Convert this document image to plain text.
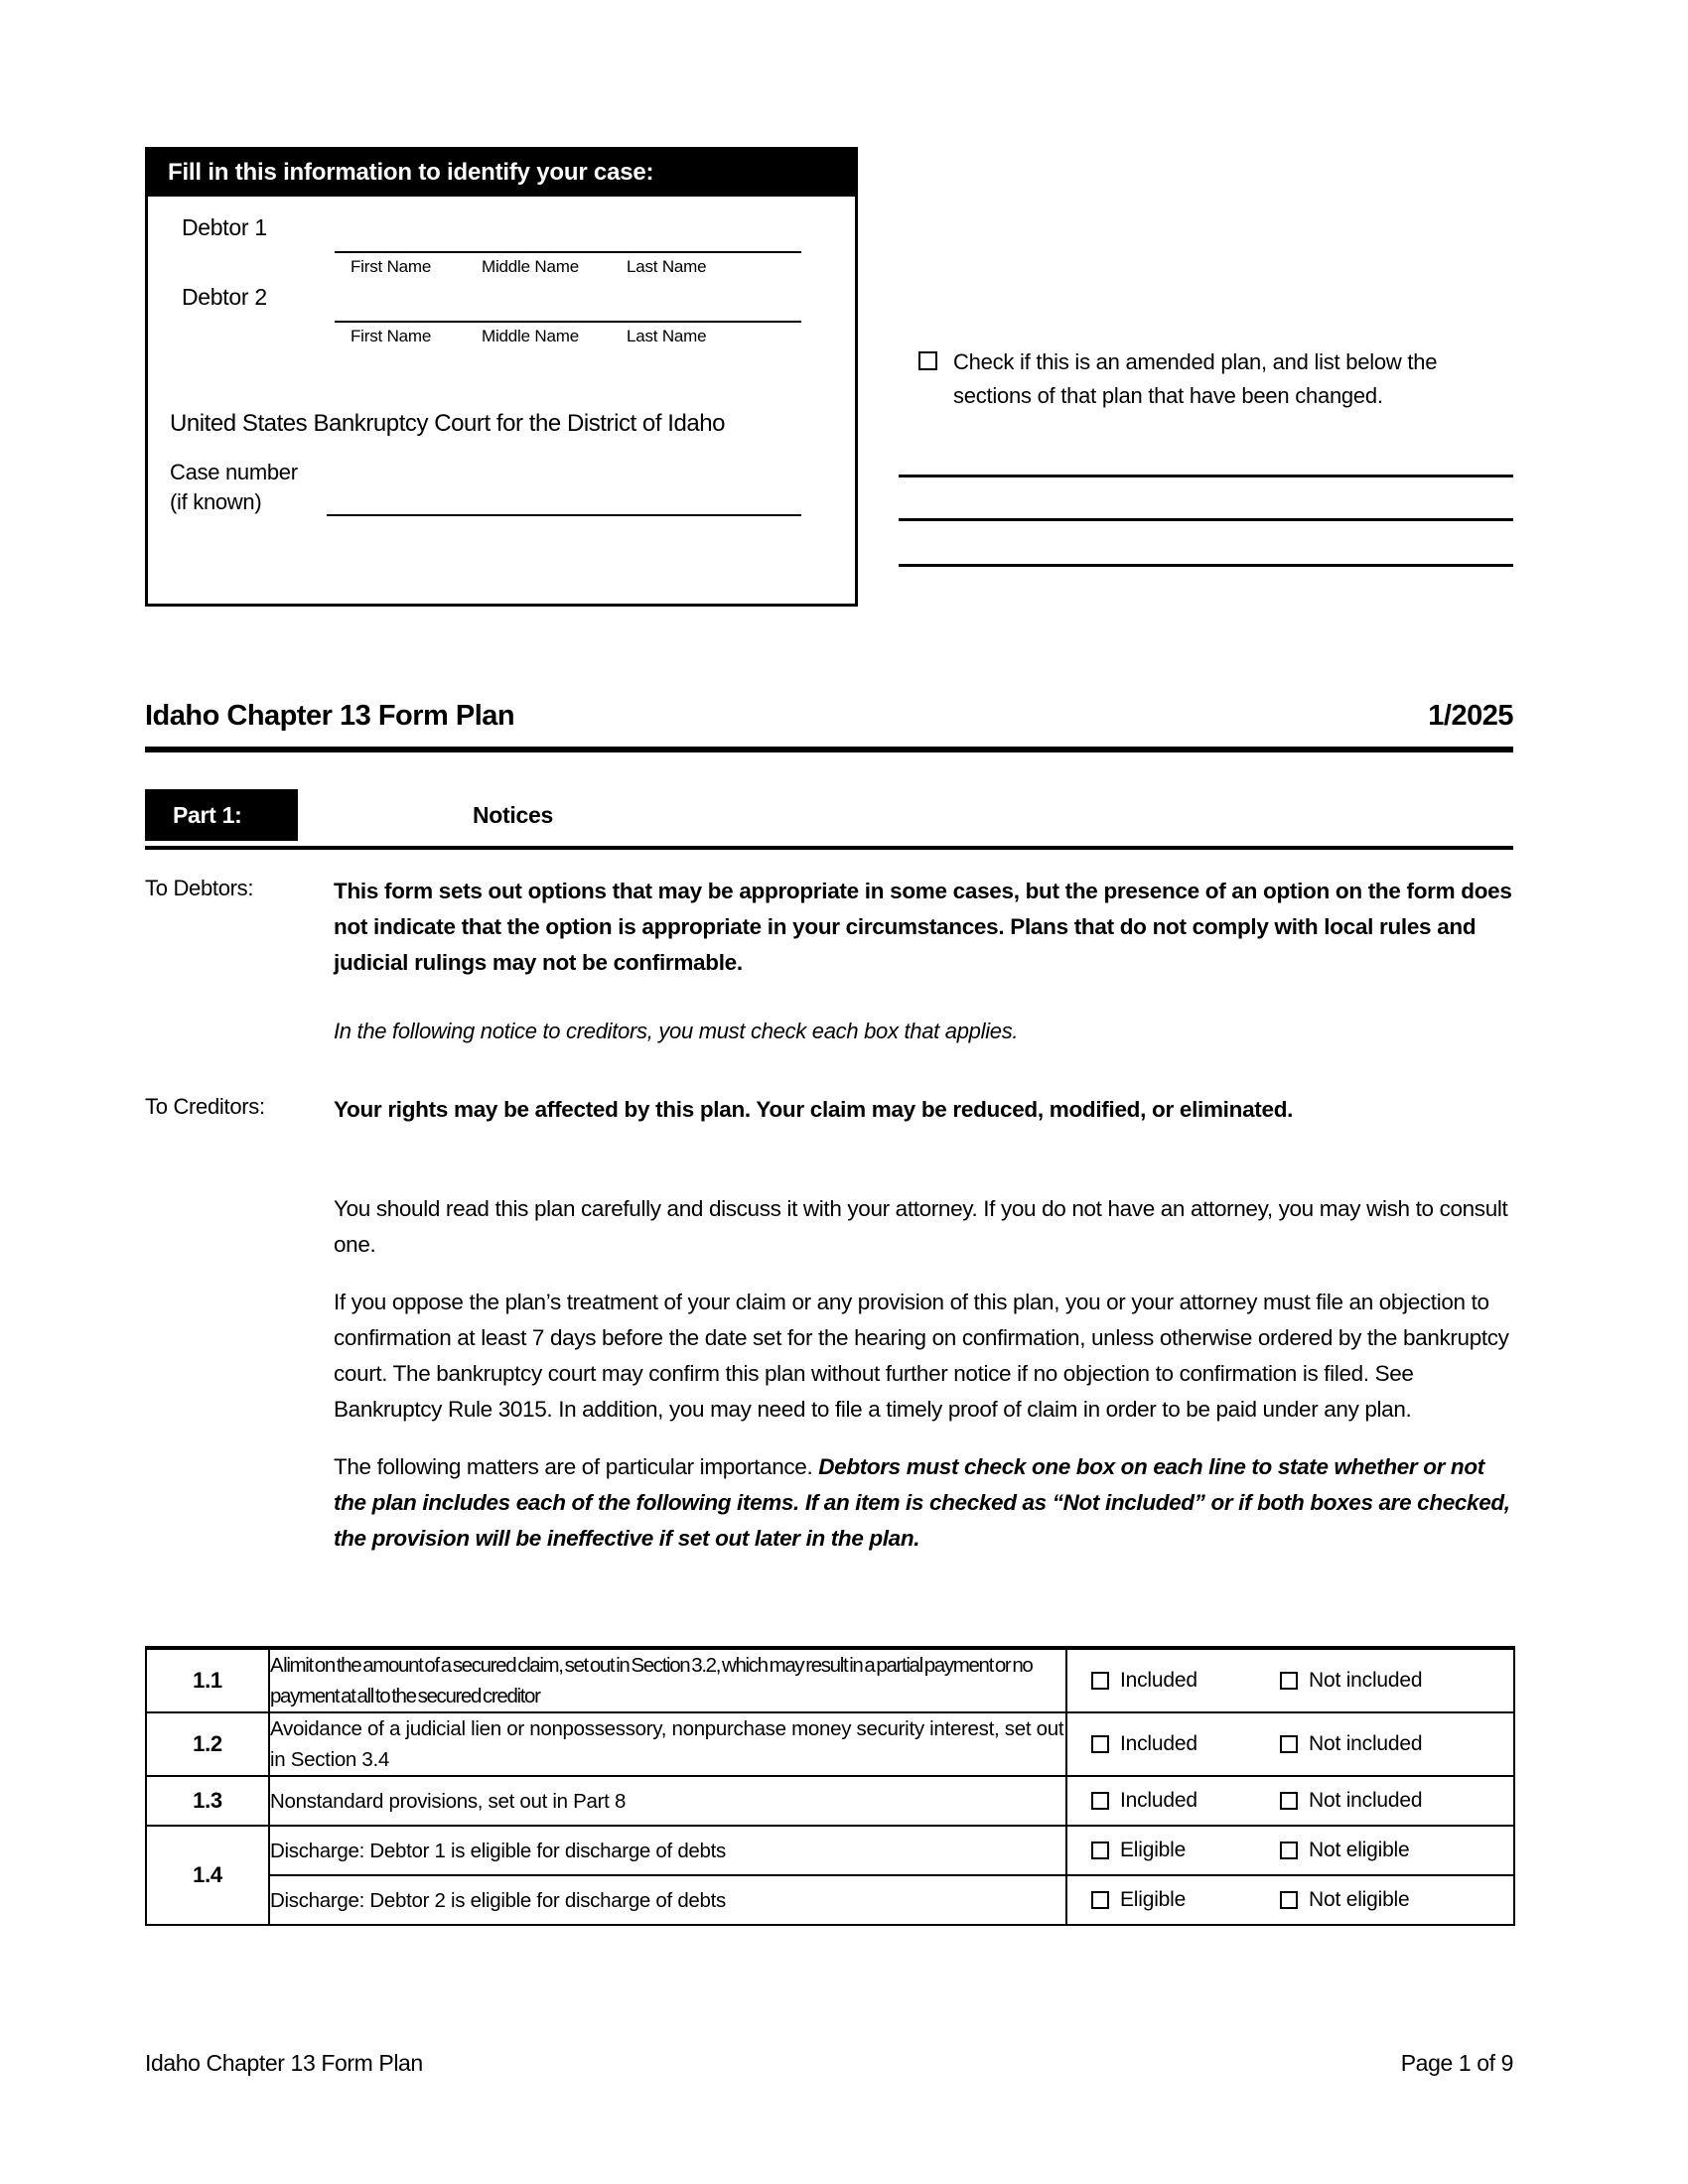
Fill in this information to identify your case:
Debtor 1
First Name	Middle Name	Last Name
Debtor 2
First Name	Middle Name	Last Name
United States Bankruptcy Court for the District of Idaho
Case number
(if known)
Check if this is an amended plan, and list below the sections of that plan that have been changed.
Idaho Chapter 13 Form Plan	1/2025
Part 1:	Notices
To Debtors:	This form sets out options that may be appropriate in some cases, but the presence of an option on the form does not indicate that the option is appropriate in your circumstances. Plans that do not comply with local rules and judicial rulings may not be confirmable.

In the following notice to creditors, you must check each box that applies.

To Creditors:	Your rights may be affected by this plan. Your claim may be reduced, modified, or eliminated.

You should read this plan carefully and discuss it with your attorney. If you do not have an attorney, you may wish to consult one.

If you oppose the plan’s treatment of your claim or any provision of this plan, you or your attorney must file an objection to confirmation at least 7 days before the date set for the hearing on confirmation, unless otherwise ordered by the bankruptcy court. The bankruptcy court may confirm this plan without further notice if no objection to confirmation is filed. See Bankruptcy Rule 3015. In addition, you may need to file a timely proof of claim in order to be paid under any plan.

The following matters are of particular importance. Debtors must check one box on each line to state whether or not the plan includes each of the following items. If an item is checked as “Not included” or if both boxes are checked, the provision will be ineffective if set out later in the plan.

1.1	A limit on the amount of a secured claim, set out in Section 3.2, which may result in a partial payment or no payment at all to the secured creditor	Included Not included

1.2	Avoidance of a judicial lien or nonpossessory, nonpurchase money security interest, set out in Section 3.4	Included Not included

1.3	Nonstandard provisions, set out in Part 8	Included Not included

1.4	Discharge: Debtor 1 is eligible for discharge of debts	Eligible Not eligible

	Discharge: Debtor 2 is eligible for discharge of debts	Eligible Not eligible
Idaho Chapter 13 Form Plan	Page 1 of 9
